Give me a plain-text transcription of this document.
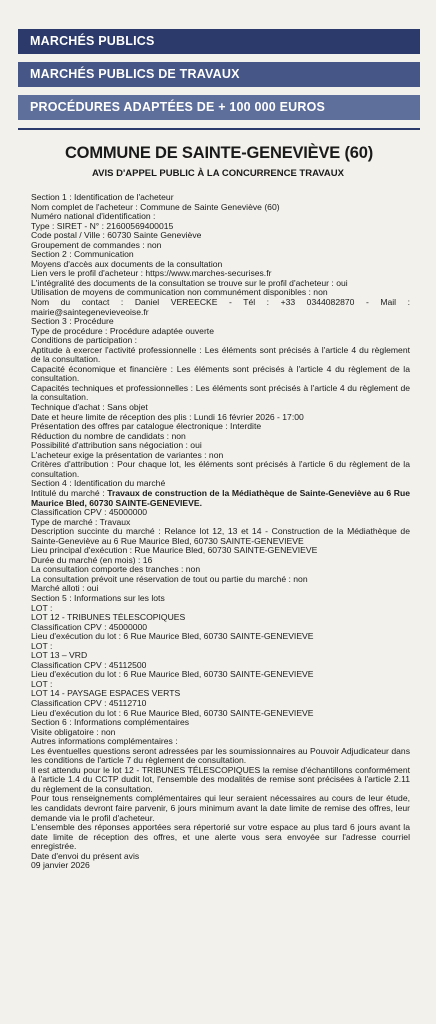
MARCHÉS PUBLICS
MARCHÉS PUBLICS DE TRAVAUX
PROCÉDURES ADAPTÉES DE + 100 000 EUROS
COMMUNE DE SAINTE-GENEVIÈVE (60)
AVIS D'APPEL PUBLIC À LA CONCURRENCE TRAVAUX
Section 1 : Identification de l'acheteur
Nom complet de l'acheteur : Commune de Sainte Geneviève (60)
Numéro national d'identification :
Type : SIRET - N° : 21600569400015
Code postal / Ville : 60730 Sainte Geneviève
Groupement de commandes : non
Section 2 : Communication
Moyens d'accès aux documents de la consultation
Lien vers le profil d'acheteur : https://www.marches-securises.fr
L'intégralité des documents de la consultation se trouve sur le profil d'acheteur : oui
Utilisation de moyens de communication non communément disponibles : non
Nom du contact : Daniel VEREECKE - Tél : +33 0344082870 - Mail : mairie@saintegenevieveoise.fr
Section 3 : Procédure
Type de procédure : Procédure adaptée ouverte
Conditions de participation :
Aptitude à exercer l'activité professionnelle : Les éléments sont précisés à l'article 4 du règlement de la consultation.
Capacité économique et financière : Les éléments sont précisés à l'article 4 du règlement de la consultation.
Capacités techniques et professionnelles : Les éléments sont précisés à l'article 4 du règlement de la consultation.
Technique d'achat : Sans objet
Date et heure limite de réception des plis : Lundi 16 février 2026 - 17:00
Présentation des offres par catalogue électronique : Interdite
Réduction du nombre de candidats : non
Possibilité d'attribution sans négociation : oui
L'acheteur exige la présentation de variantes : non
Critères d'attribution : Pour chaque lot, les éléments sont précisés à l'article 6 du règlement de la consultation.
Section 4 : Identification du marché
Intitulé du marché : Travaux de construction de la Médiathèque de Sainte-Geneviève au 6 Rue Maurice Bled, 60730 SAINTE-GENEVIEVE.
Classification CPV : 45000000
Type de marché : Travaux
Description succinte du marché : Relance lot 12, 13 et 14 - Construction de la Médiathèque de Sainte-Geneviève au 6 Rue Maurice Bled, 60730 SAINTE-GENEVIEVE
Lieu principal d'exécution : Rue Maurice Bled, 60730 SAINTE-GENEVIEVE
Durée du marché (en mois) : 16
La consultation comporte des tranches : non
La consultation prévoit une réservation de tout ou partie du marché : non
Marché alloti : oui
Section 5 : Informations sur les lots
LOT :
LOT 12 - TRIBUNES TÉLESCOPIQUES
Classification CPV : 45000000
Lieu d'exécution du lot : 6 Rue Maurice Bled, 60730 SAINTE-GENEVIEVE
LOT :
LOT 13 – VRD
Classification CPV : 45112500
Lieu d'exécution du lot : 6 Rue Maurice Bled, 60730 SAINTE-GENEVIEVE
LOT :
LOT 14 - PAYSAGE ESPACES VERTS
Classification CPV : 45112710
Lieu d'exécution du lot : 6 Rue Maurice Bled, 60730 SAINTE-GENEVIEVE
Section 6 : Informations complémentaires
Visite obligatoire : non
Autres informations complémentaires :
Les éventuelles questions seront adressées par les soumissionnaires au Pouvoir Adjudicateur dans les conditions de l'article 7 du règlement de consultation.
Il est attendu pour le lot 12 - TRIBUNES TÉLESCOPIQUES la remise d'échantillons conformément à l'article 1.4 du CCTP dudit lot, l'ensemble des modalités de remise sont précisées à l'article 2.11 du règlement de la consultation.
Pour tous renseignements complémentaires qui leur seraient nécessaires au cours de leur étude, les candidats devront faire parvenir, 6 jours minimum avant la date limite de remise des offres, leur demande via le profil d'acheteur.
L'ensemble des réponses apportées sera répertorié sur votre espace au plus tard 6 jours avant la date limite de réception des offres, et une alerte vous sera envoyée sur l'adresse courriel enregistrée.
Date d'envoi du présent avis
09 janvier 2026
